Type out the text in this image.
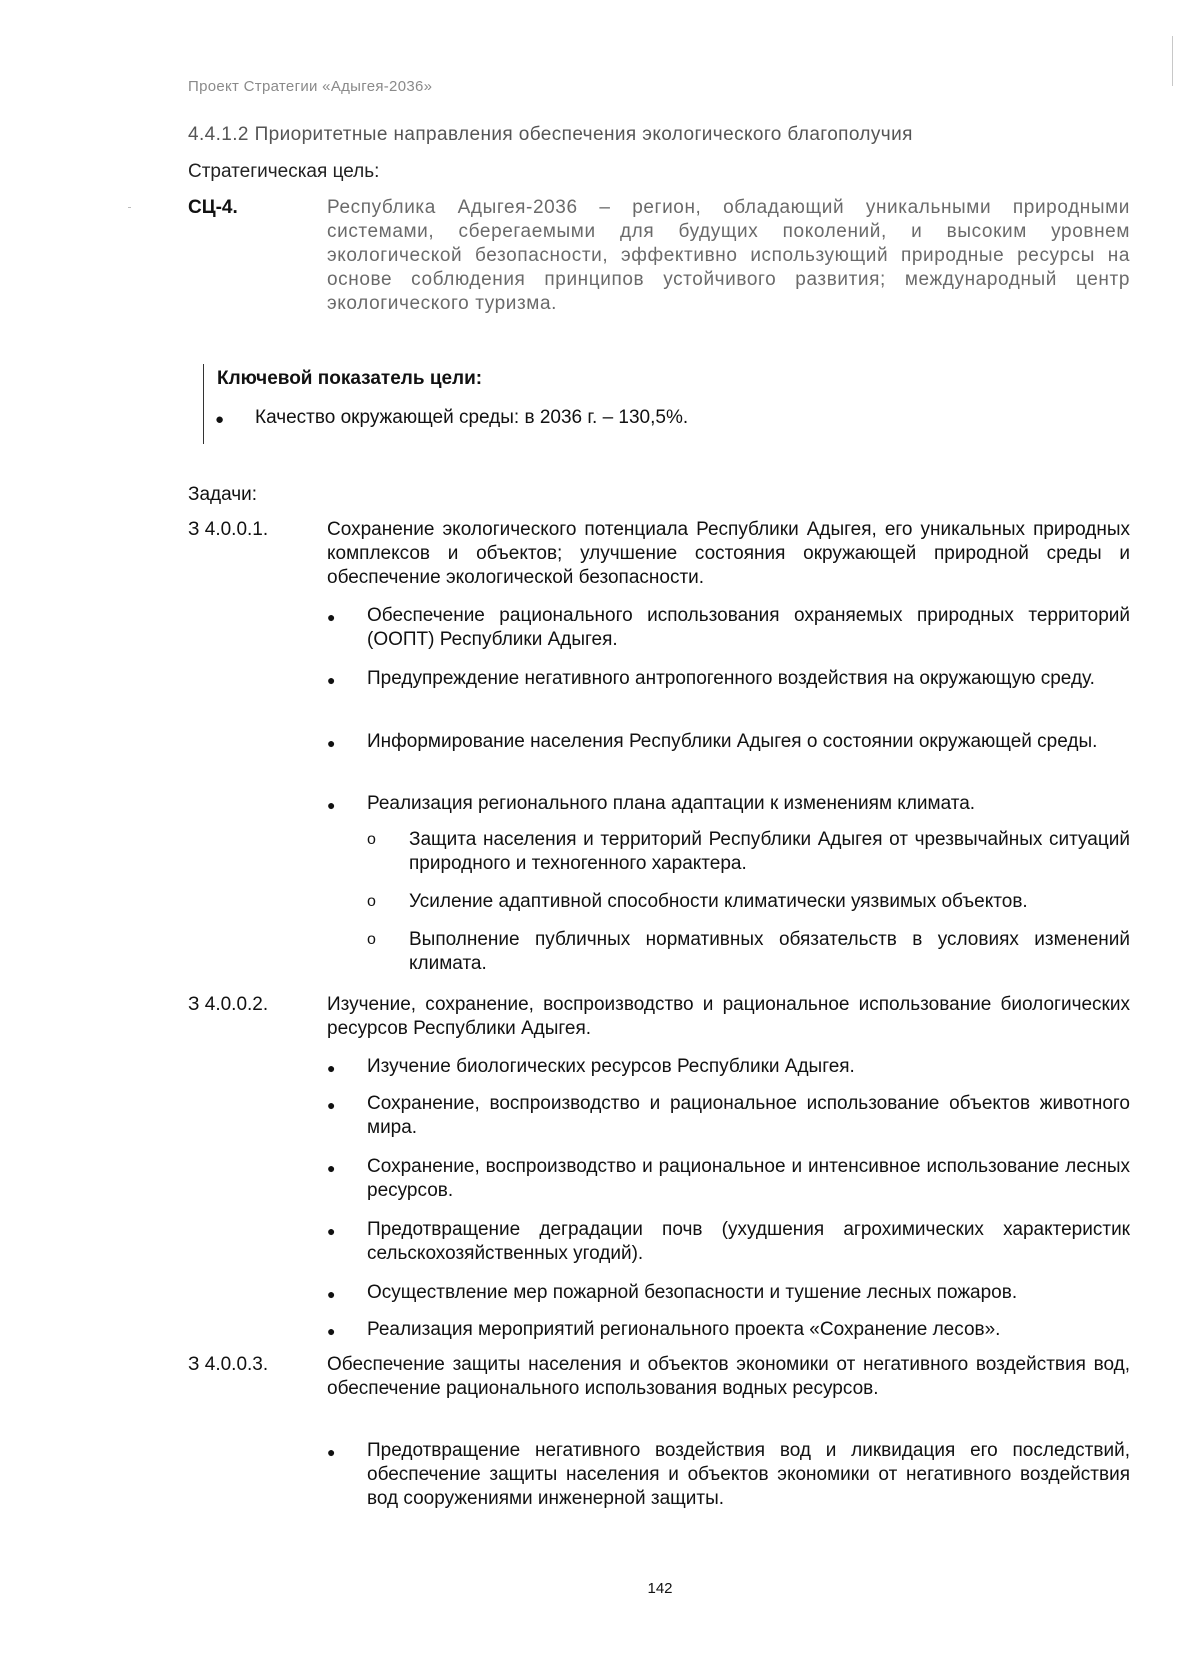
Проект Стратегии «Адыгея-2036»
4.4.1.2 Приоритетные направления обеспечения экологического благополучия
Стратегическая цель:
СЦ-4.	Республика Адыгея-2036 – регион, обладающий уникальными природными системами, сберегаемыми для будущих поколений, и высоким уровнем экологической безопасности, эффективно использующий природные ресурсы на основе соблюдения принципов устойчивого развития; международный центр экологического туризма.
Ключевой показатель цели:
● Качество окружающей среды: в 2036 г. – 130,5%.
Задачи:
З 4.0.0.1.	Сохранение экологического потенциала Республики Адыгея, его уникальных природных комплексов и объектов; улучшение состояния окружающей природной среды и обеспечение экологической безопасности.
● Обеспечение рационального использования охраняемых природных территорий (ООПТ) Республики Адыгея.
● Предупреждение негативного антропогенного воздействия на окружающую среду.
● Информирование населения Республики Адыгея о состоянии окружающей среды.
● Реализация регионального плана адаптации к изменениям климата.
o Защита населения и территорий Республики Адыгея от чрезвычайных ситуаций природного и техногенного характера.
o Усиление адаптивной способности климатически уязвимых объектов.
o Выполнение публичных нормативных обязательств в условиях изменений климата.
З 4.0.0.2.	Изучение, сохранение, воспроизводство и рациональное использование биологических ресурсов Республики Адыгея.
● Изучение биологических ресурсов Республики Адыгея.
● Сохранение, воспроизводство и рациональное использование объектов животного мира.
● Сохранение, воспроизводство и рациональное и интенсивное использование лесных ресурсов.
● Предотвращение деградации почв (ухудшения агрохимических характеристик сельскохозяйственных угодий).
● Осуществление мер пожарной безопасности и тушение лесных пожаров.
● Реализация мероприятий регионального проекта «Сохранение лесов».
З 4.0.0.3.	Обеспечение защиты населения и объектов экономики от негативного воздействия вод, обеспечение рационального использования водных ресурсов.
● Предотвращение негативного воздействия вод и ликвидация его последствий, обеспечение защиты населения и объектов экономики от негативного воздействия вод сооружениями инженерной защиты.
142
